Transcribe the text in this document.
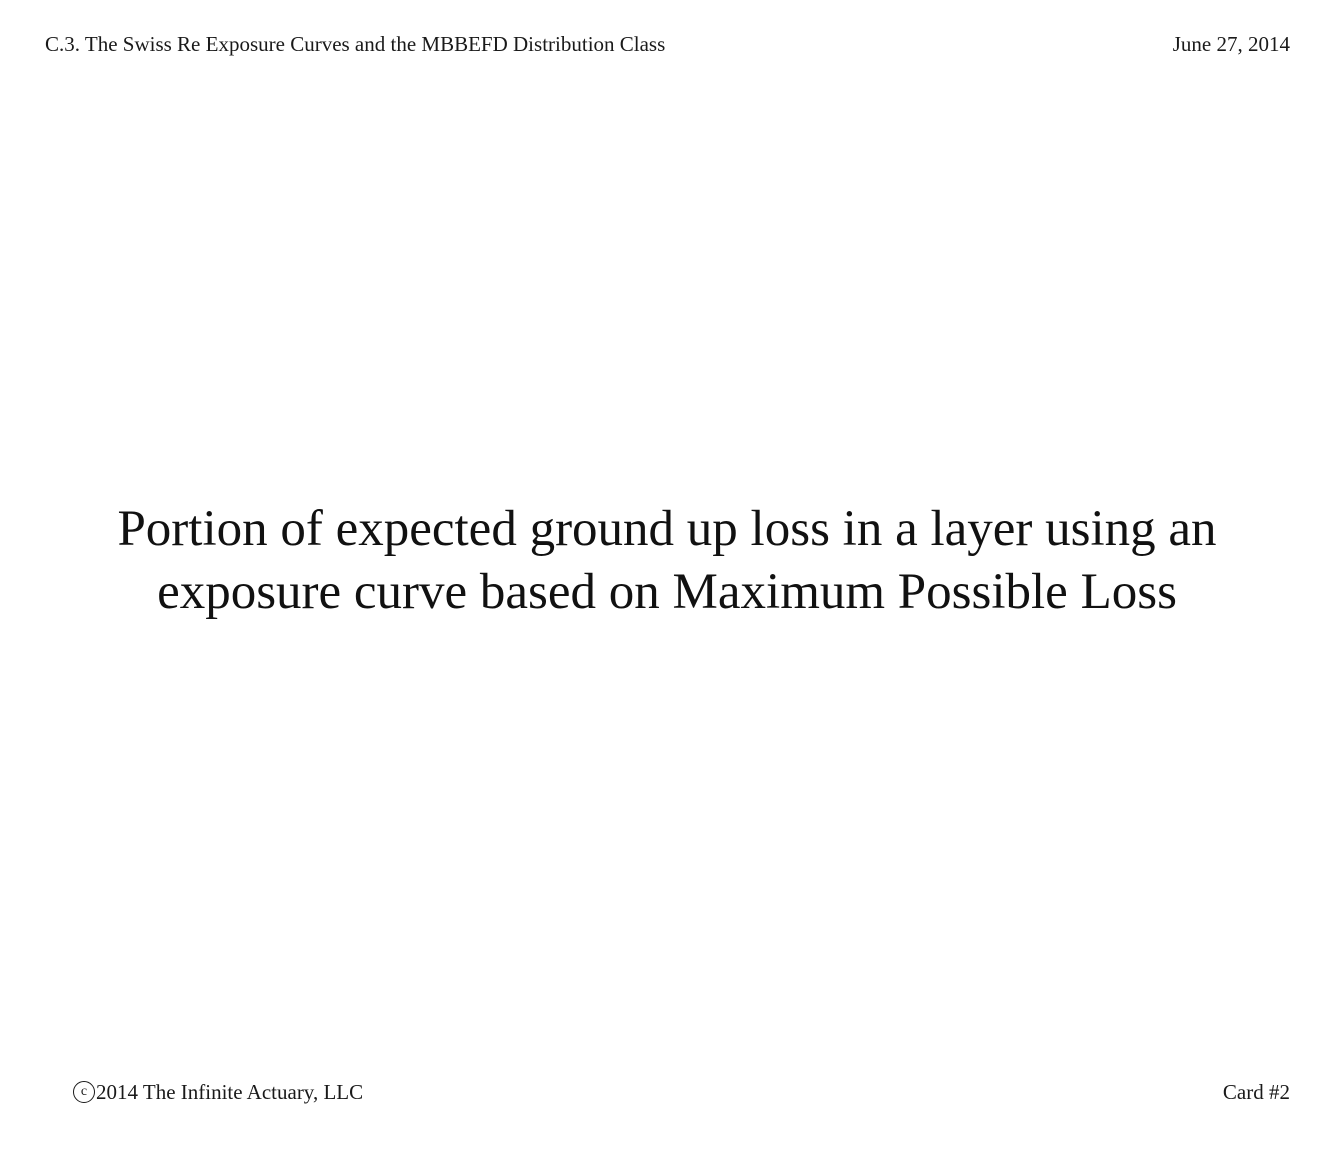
C.3. The Swiss Re Exposure Curves and the MBBEFD Distribution Class	June 27, 2014
Portion of expected ground up loss in a layer using an
exposure curve based on Maximum Possible Loss
c 2014 The Infinite Actuary, LLC	Card #2
